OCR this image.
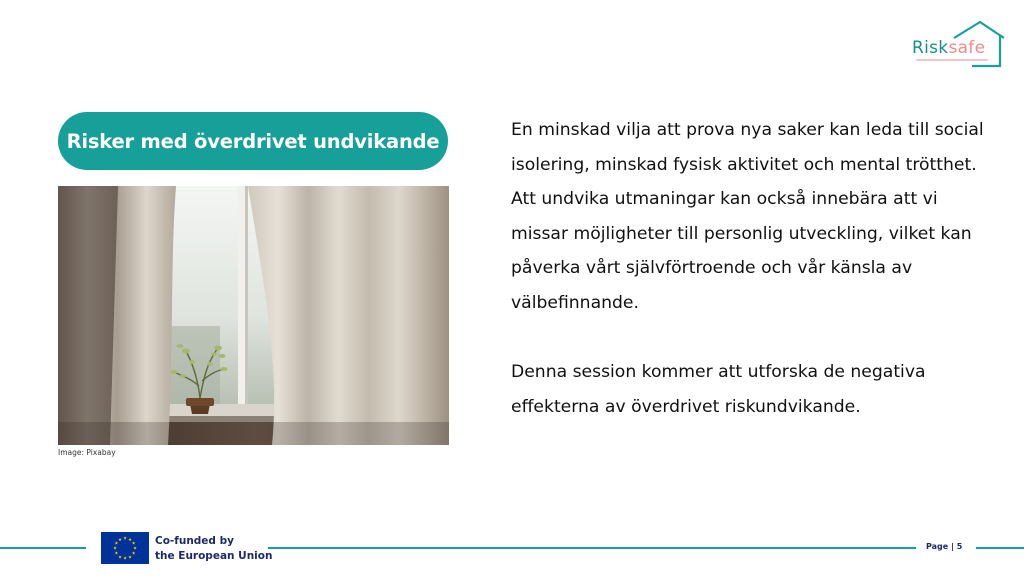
Risksafe
Risker med överdrivet undvikande
Image: Pixabay

En minskad vilja att prova nya saker kan leda till social isolering, minskad fysisk aktivitet och mental trötthet. Att undvika utmaningar kan också innebära att vi missar möjligheter till personlig utveckling, vilket kan påverka vårt självförtroende och vår känsla av välbefinnande.

Denna session kommer att utforska de negativa effekterna av överdrivet riskundvikande.

★
★
★
★
★
★
★
★
★ ★ ★
★ Co-funded by
the European Union
Page | 5
